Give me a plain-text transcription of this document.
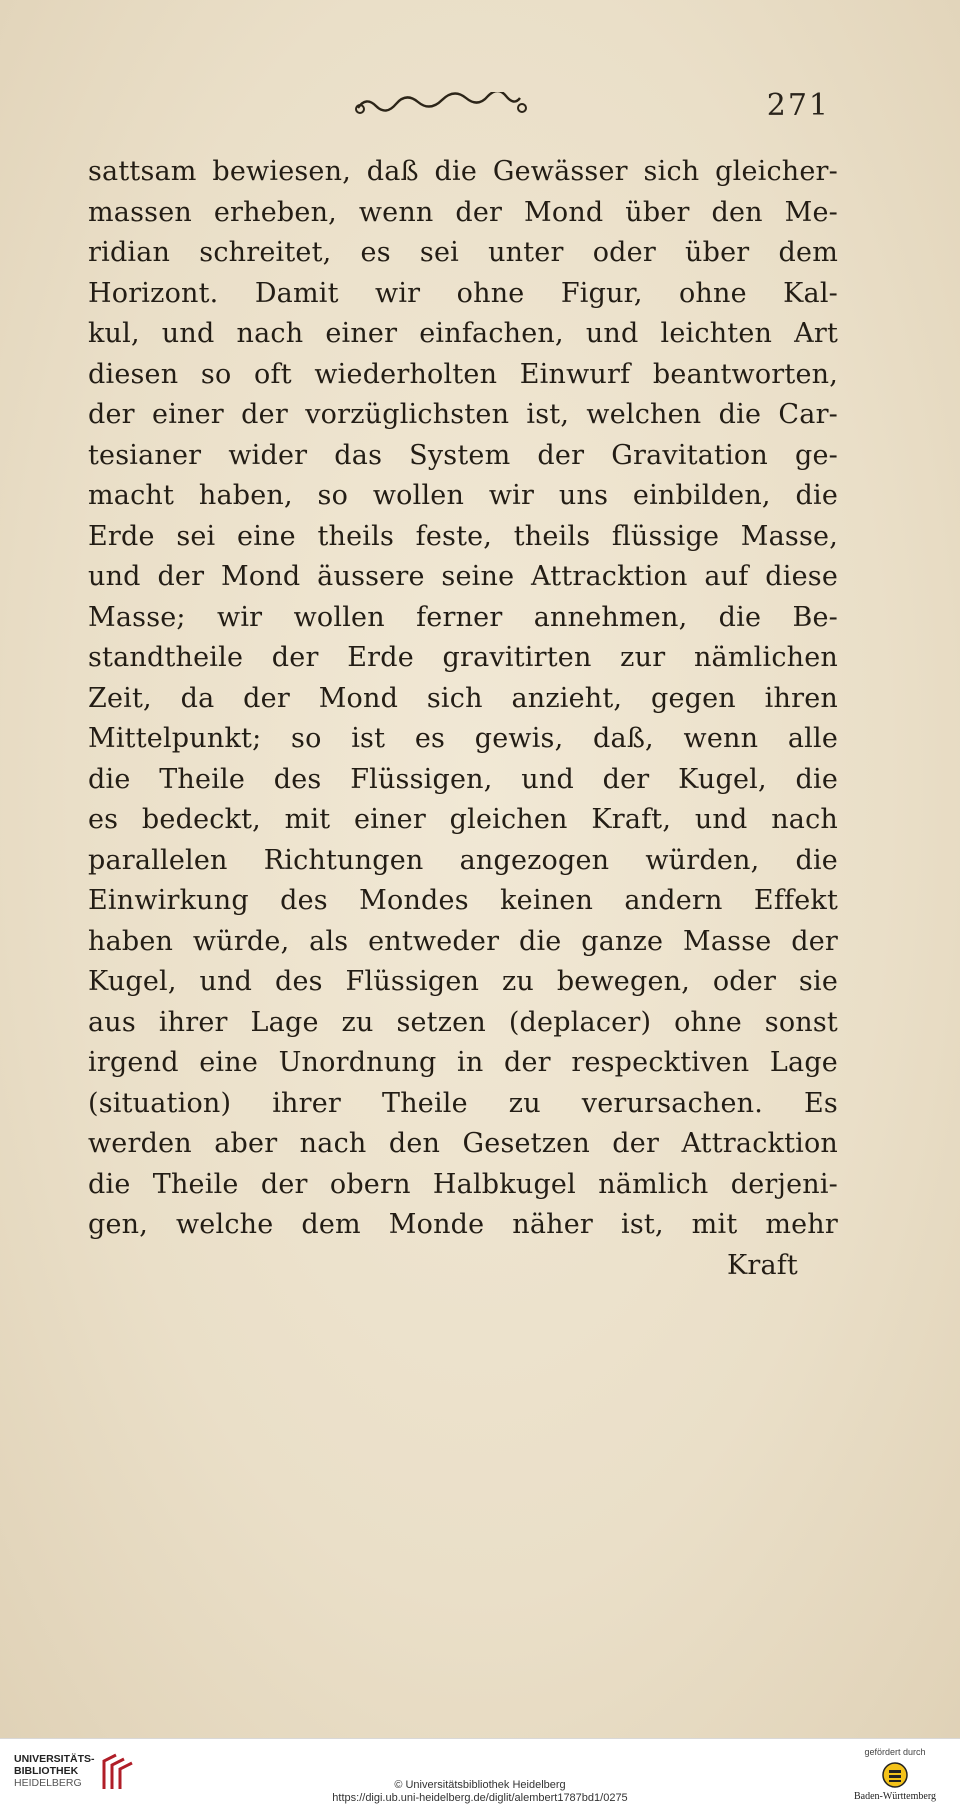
271
sattsam bewiesen, daß die Gewässer sich gleicher-
massen erheben, wenn der Mond über den Me-
ridian schreitet, es sei unter oder über dem
Horizont. Damit wir ohne Figur, ohne Kal-
kul, und nach einer einfachen, und leichten Art
diesen so oft wiederholten Einwurf beantworten,
der einer der vorzüglichsten ist, welchen die Car-
tesianer wider das System der Gravitation ge-
macht haben, so wollen wir uns einbilden, die
Erde sei eine theils feste, theils flüssige Masse,
und der Mond äussere seine Attracktion auf diese
Masse; wir wollen ferner annehmen, die Be-
standtheile der Erde gravitirten zur nämlichen
Zeit, da der Mond sich anzieht, gegen ihren
Mittelpunkt; so ist es gewis, daß, wenn alle
die Theile des Flüssigen, und der Kugel, die
es bedeckt, mit einer gleichen Kraft, und nach
parallelen Richtungen angezogen würden, die
Einwirkung des Mondes keinen andern Effekt
haben würde, als entweder die ganze Masse der
Kugel, und des Flüssigen zu bewegen, oder sie
aus ihrer Lage zu setzen (deplacer) ohne sonst
irgend eine Unordnung in der respecktiven Lage
(situation) ihrer Theile zu verursachen. Es
werden aber nach den Gesetzen der Attracktion
die Theile der obern Halbkugel nämlich derjeni-
gen, welche dem Monde näher ist, mit mehr
Kraft
UNIVERSITÄTS-
BIBLIOTHEK
HEIDELBERG	© Universitätsbibliothek Heidelberg
https://digi.ub.uni-heidelberg.de/diglit/alembert1787bd1/0275
gefördert durch
Baden-Württemberg
